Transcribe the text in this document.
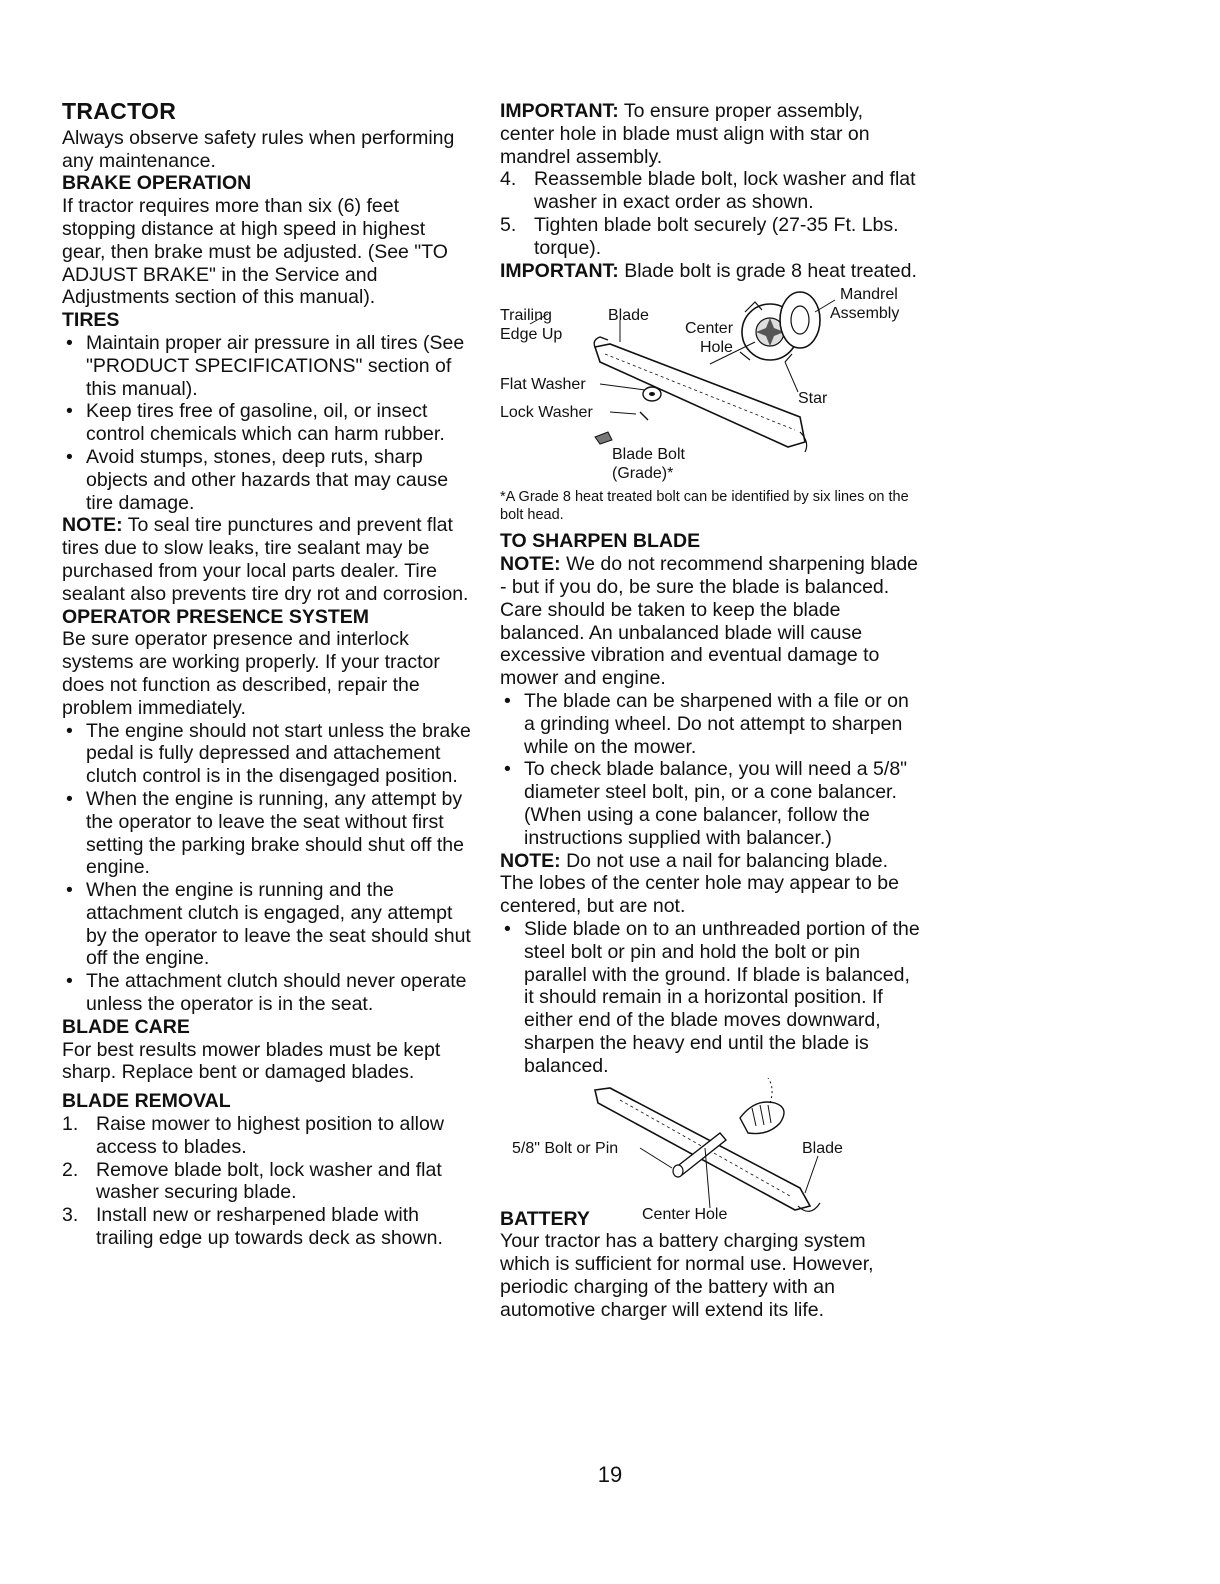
TRACTOR

Always observe safety rules when performing any maintenance.

BRAKE OPERATION

If tractor requires more than six (6) feet stopping distance at high speed in highest gear, then brake must be adjusted. (See "TO ADJUST BRAKE" in the Service and Adjustments section of this manual).

TIRES
• Maintain proper air pressure in all tires (See "PRODUCT SPECIFICATIONS" section of this manual).
• Keep tires free of gasoline, oil, or insect control chemicals which can harm rubber.
• Avoid stumps, stones, deep ruts, sharp objects and other hazards that may cause tire damage.

NOTE: To seal tire punctures and prevent flat tires due to slow leaks, tire sealant may be purchased from your local parts dealer. Tire sealant also prevents tire dry rot and corrosion.

OPERATOR PRESENCE SYSTEM

Be sure operator presence and interlock systems are working properly. If your tractor does not function as described, repair the problem immediately.

• The engine should not start unless the brake pedal is fully depressed and attachement clutch control is in the disengaged position.
• When the engine is running, any attempt by the operator to leave the seat without first setting the parking brake should shut off the engine.
• When the engine is running and the attachment clutch is engaged, any attempt by the operator to leave the seat should shut off the engine.
• The attachment clutch should never operate unless the operator is in the seat.
BLADE CARE

For best results mower blades must be kept sharp. Replace bent or damaged blades.

BLADE REMOVAL
1. Raise mower to highest position to allow access to blades.
2. Remove blade bolt, lock washer and flat washer securing blade.
3. Install new or resharpened blade with trailing edge up towards deck as shown.

IMPORTANT: To ensure proper assembly, center hole in blade must align with star on mandrel assembly.

4. Reassemble blade bolt, lock washer and flat washer in exact order as shown.
5. Tighten blade bolt securely (27-35 Ft. Lbs. torque).

IMPORTANT: Blade bolt is grade 8 heat treated.

Mandrel
Assembly
Trailing
Edge Up
Blade
Center
Hole
Flat Washer
Lock Washer
Star
Blade Bolt
(Grade)*

*A Grade 8 heat treated bolt can be identified by six lines on the bolt head.

TO SHARPEN BLADE

NOTE: We do not recommend sharpening blade - but if you do, be sure the blade is balanced.

Care should be taken to keep the blade balanced. An unbalanced blade will cause excessive vibration and eventual damage to mower and engine.

• The blade can be sharpened with a file or on a grinding wheel. Do not attempt to sharpen while on the mower.
• To check blade balance, you will need a 5/8" diameter steel bolt, pin, or a cone balancer. (When using a cone balancer, follow the instructions supplied with balancer.)

NOTE: Do not use a nail for balancing blade. The lobes of the center hole may appear to be centered, but are not.

• Slide blade on to an unthreaded portion of the steel bolt or pin and hold the bolt or pin parallel with the ground. If blade is balanced, it should remain in a horizontal position. If either end of the blade moves downward, sharpen the heavy end until the blade is balanced.
5/8" Bolt or Pin	Blade
Center Hole
BATTERY

Your tractor has a battery charging system which is sufficient for normal use. However, periodic charging of the battery with an automotive charger will extend its life.

19
